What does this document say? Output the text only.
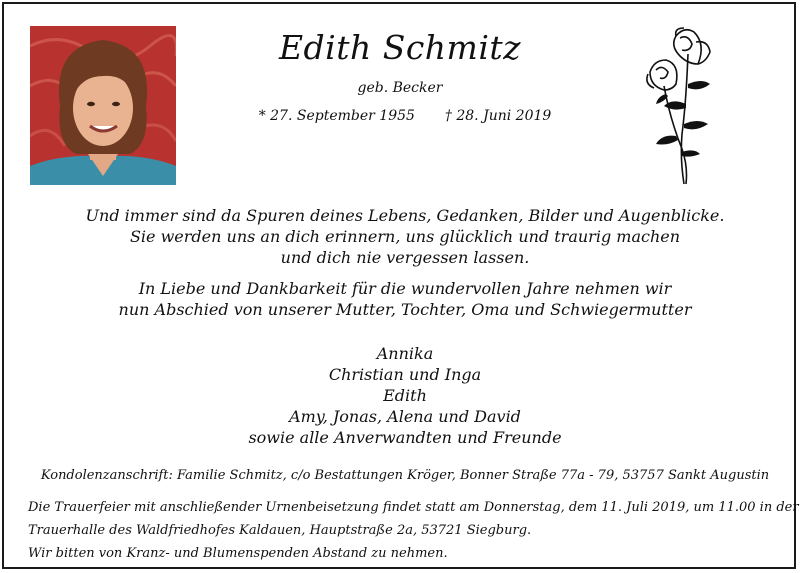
Edith Schmitz
geb. Becker
* 27. September 1955 † 28. Juni 2019
Und immer sind da Spuren deines Lebens, Gedanken, Bilder und Augenblicke.
Sie werden uns an dich erinnern, uns glücklich und traurig machen
und dich nie vergessen lassen.
In Liebe und Dankbarkeit für die wundervollen Jahre nehmen wir
nun Abschied von unserer Mutter, Tochter, Oma und Schwiegermutter
Annika
Christian und Inga
Edith
Amy, Jonas, Alena und David
sowie alle Anverwandten und Freunde
Kondolenzanschrift: Familie Schmitz, c/o Bestattungen Kröger, Bonner Straße 77a - 79, 53757 Sankt Augustin
Die Trauerfeier mit anschließender Urnenbeisetzung findet statt am Donnerstag, dem 11. Juli 2019, um 11.00 in der
Trauerhalle des Waldfriedhofes Kaldauen, Hauptstraße 2a, 53721 Siegburg.
Wir bitten von Kranz- und Blumenspenden Abstand zu nehmen.
